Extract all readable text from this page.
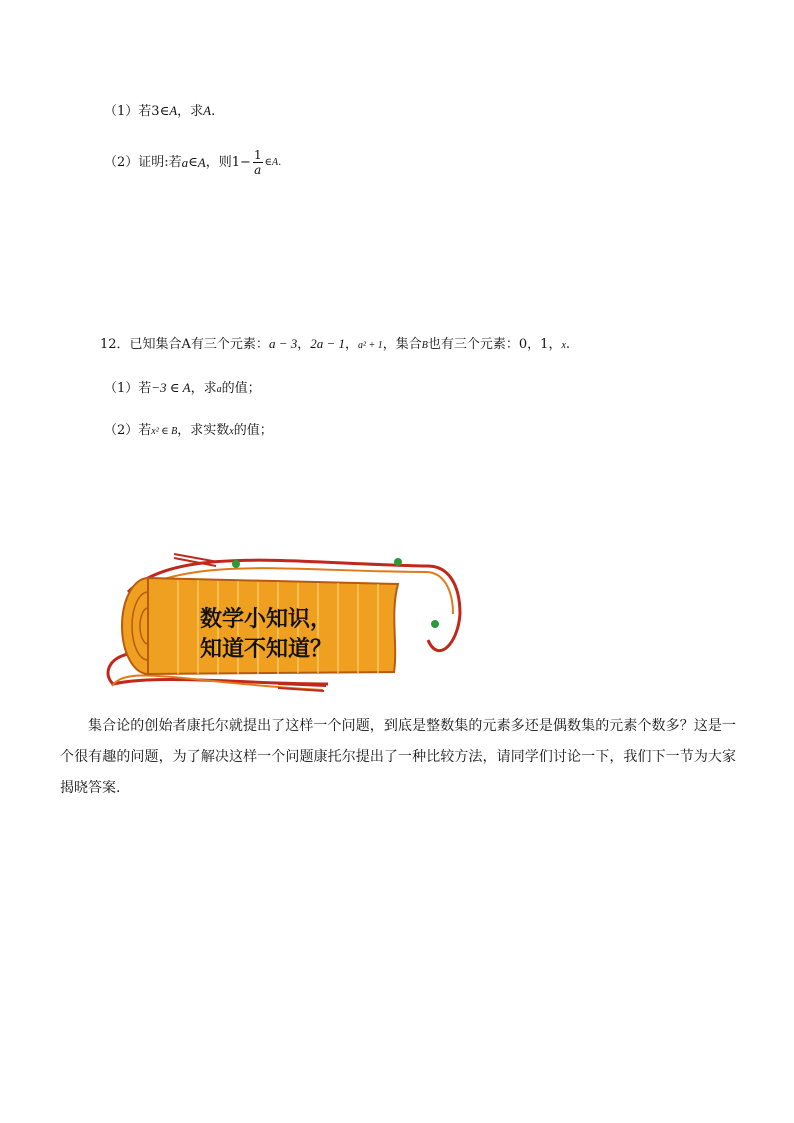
（1）若3∈A，求A.
（2）证明:若a∈A，则$1- \frac{1}{a}$ ∈A.
12．已知集合A有三个元素：a − 3，2a − 1，a² + 1，集合B也有三个元素：0，1，x.
（1）若−3 ∈ A，求a的值；
（2）若x² ∈ B，求实数x的值；
数学小知识，
知道不知道？

集合论的创始者康托尔就提出了这样一个问题，到底是整数集的元素多还是偶数集的元素个数多？这是一个很有趣的问题，为了解决这样一个问题康托尔提出了一种比较方法，请同学们讨论一下，我们下一节为大家揭晓答案.
